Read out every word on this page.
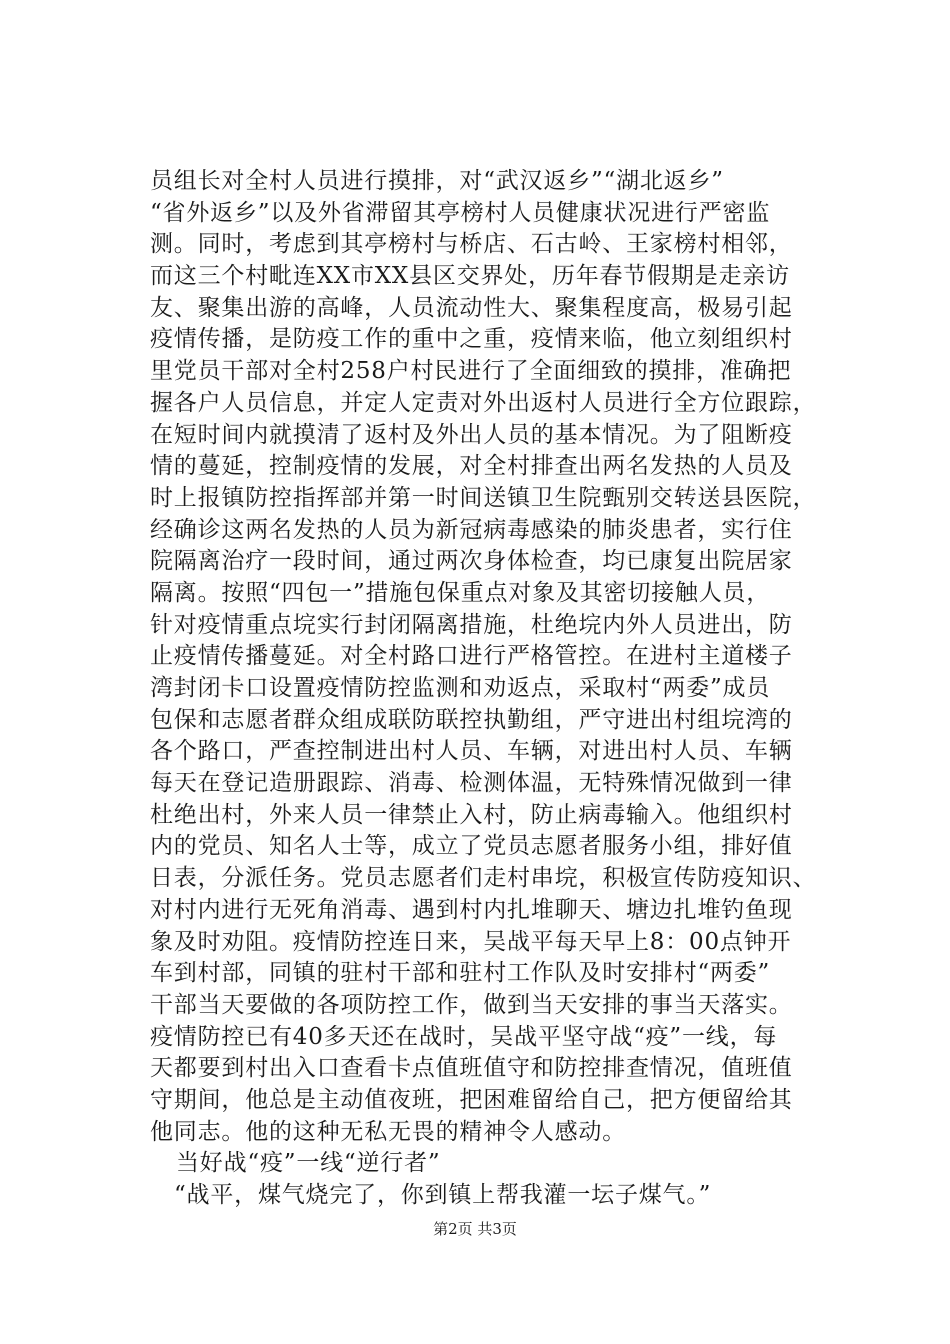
员组长对全村人员进行摸排，对“武汉返乡”“湖北返乡”
“省外返乡”以及外省滞留其亭榜村人员健康状况进行严密监
测。同时，考虑到其亭榜村与桥店、石古岭、王家榜村相邻，
而这三个村毗连XX市XX县区交界处，历年春节假期是走亲访
友、聚集出游的高峰，人员流动性大、聚集程度高，极易引起
疫情传播，是防疫工作的重中之重，疫情来临，他立刻组织村
里党员干部对全村258户村民进行了全面细致的摸排，准确把
握各户人员信息，并定人定责对外出返村人员进行全方位跟踪，
在短时间内就摸清了返村及外出人员的基本情况。为了阻断疫
情的蔓延，控制疫情的发展，对全村排查出两名发热的人员及
时上报镇防控指挥部并第一时间送镇卫生院甄别交转送县医院，
经确诊这两名发热的人员为新冠病毒感染的肺炎患者，实行住
院隔离治疗一段时间，通过两次身体检查，均已康复出院居家
隔离。按照“四包一”措施包保重点对象及其密切接触人员，
针对疫情重点垸实行封闭隔离措施，杜绝垸内外人员进出，防
止疫情传播蔓延。对全村路口进行严格管控。在进村主道楼子
湾封闭卡口设置疫情防控监测和劝返点，采取村“两委”成员
包保和志愿者群众组成联防联控执勤组，严守进出村组垸湾的
各个路口，严查控制进出村人员、车辆，对进出村人员、车辆
每天在登记造册跟踪、消毒、检测体温，无特殊情况做到一律
杜绝出村，外来人员一律禁止入村，防止病毒输入。他组织村
内的党员、知名人士等，成立了党员志愿者服务小组，排好值
日表，分派任务。党员志愿者们走村串垸，积极宣传防疫知识、
对村内进行无死角消毒、遇到村内扎堆聊天、塘边扎堆钓鱼现
象及时劝阻。疫情防控连日来，吴战平每天早上8：00点钟开
车到村部，同镇的驻村干部和驻村工作队及时安排村“两委”
干部当天要做的各项防控工作，做到当天安排的事当天落实。
疫情防控已有40多天还在战时，吴战平坚守战“疫”一线，每
天都要到村出入口查看卡点值班值守和防控排查情况，值班值
守期间，他总是主动值夜班，把困难留给自己，把方便留给其
他同志。他的这种无私无畏的精神令人感动。
当好战“疫”一线“逆行者”
“战平，煤气烧完了，你到镇上帮我灌一坛子煤气。”
第2页 共3页
